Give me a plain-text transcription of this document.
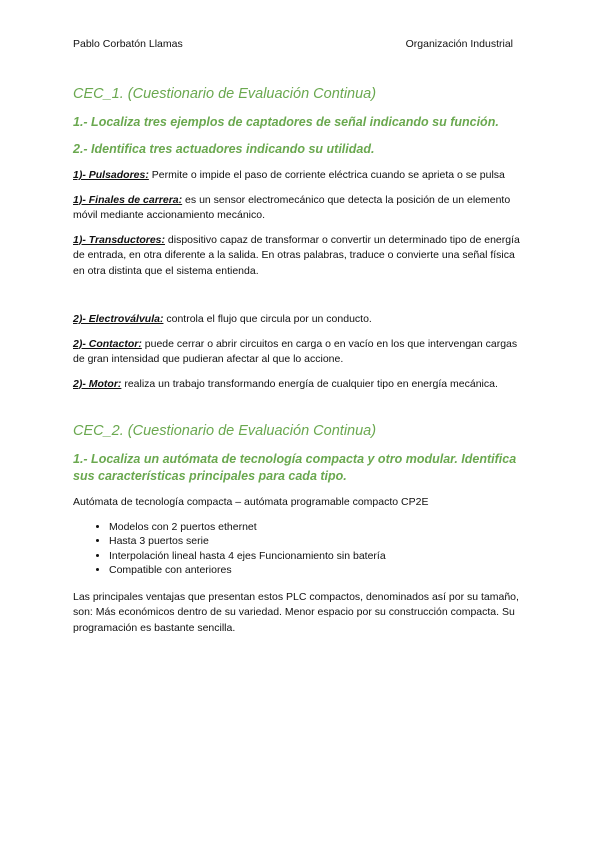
Pablo Corbatón Llamas	Organización Industrial
CEC_1. (Cuestionario de Evaluación Continua)
1.- Localiza tres ejemplos de captadores de señal indicando su función.
2.- Identifica tres actuadores indicando su utilidad.

1)- Pulsadores: Permite o impide el paso de corriente eléctrica cuando se aprieta o se pulsa

1)- Finales de carrera: es un sensor electromecánico que detecta la posición de un elemento móvil mediante accionamiento mecánico.

1)- Transductores: dispositivo capaz de transformar o convertir un determinado tipo de energía de entrada, en otra diferente a la salida. En otras palabras, traduce o convierte una señal física en otra distinta que el sistema entienda.

2)- Electroválvula: controla el flujo que circula por un conducto.

2)- Contactor: puede cerrar o abrir circuitos en carga o en vacío en los que intervengan cargas de gran intensidad que pudieran afectar al que lo accione.

2)- Motor: realiza un trabajo transformando energía de cualquier tipo en energía mecánica.

CEC_2. (Cuestionario de Evaluación Continua)
1.- Localiza un autómata de tecnología compacta y otro modular. Identifica sus características principales para cada tipo.

Autómata de tecnología compacta – autómata programable compacto CP2E

• Modelos con 2 puertos ethernet
• Hasta 3 puertos serie
• Interpolación lineal hasta 4 ejes Funcionamiento sin batería
• Compatible con anteriores

Las principales ventajas que presentan estos PLC compactos, denominados así por su tamaño, son: Más económicos dentro de su variedad. Menor espacio por su construcción compacta. Su programación es bastante sencilla.
